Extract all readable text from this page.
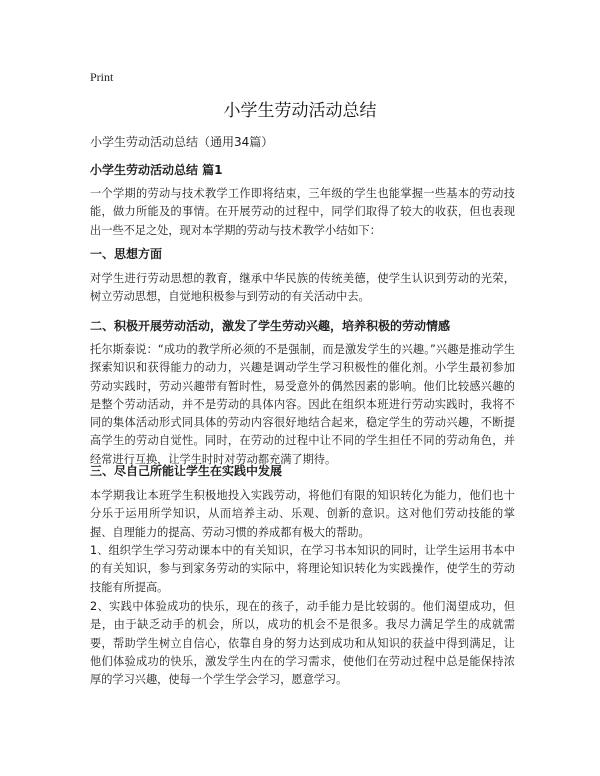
Print
小学生劳动活动总结
小学生劳动活动总结（通用34篇）
小学生劳动活动总结 篇1
一个学期的劳动与技术教学工作即将结束，三年级的学生也能掌握一些基本的劳动技能，做力所能及的事情。在开展劳动的过程中，同学们取得了较大的收获，但也表现出一些不足之处，现对本学期的劳动与技术教学小结如下：
一、思想方面
对学生进行劳动思想的教育，继承中华民族的传统美德，使学生认识到劳动的光荣，树立劳动思想，自觉地积极参与到劳动的有关活动中去。
二、积极开展劳动活动，激发了学生劳动兴趣，培养积极的劳动情感
托尔斯泰说：“成功的教学所必须的不是强制，而是激发学生的兴趣。”兴趣是推动学生探索知识和获得能力的动力，兴趣是调动学生学习积极性的催化剂。小学生最初参加劳动实践时，劳动兴趣带有暂时性，易受意外的偶然因素的影响。他们比较感兴趣的是整个劳动活动，并不是劳动的具体内容。因此在组织本班进行劳动实践时，我将不同的集体活动形式同具体的劳动内容很好地结合起来，稳定学生的劳动兴趣，不断提高学生的劳动自觉性。同时，在劳动的过程中让不同的学生担任不同的劳动角色，并经常进行互换，让学生时时对劳动都充满了期待。
三、尽自己所能让学生在实践中发展
本学期我让本班学生积极地投入实践劳动，将他们有限的知识转化为能力，他们也十分乐于运用所学知识，从而培养主动、乐观、创新的意识。这对他们劳动技能的掌握、自理能力的提高、劳动习惯的养成都有极大的帮助。
1、组织学生学习劳动课本中的有关知识，在学习书本知识的同时，让学生运用书本中的有关知识，参与到家务劳动的实际中，将理论知识转化为实践操作，使学生的劳动技能有所提高。
2、实践中体验成功的快乐，现在的孩子，动手能力是比较弱的。他们渴望成功，但是，由于缺乏动手的机会，所以，成功的机会不是很多。我尽力满足学生的成就需要，帮助学生树立自信心，依靠自身的努力达到成功和从知识的获益中得到满足，让他们体验成功的快乐，激发学生内在的学习需求，使他们在劳动过程中总是能保持浓厚的学习兴趣，使每一个学生学会学习，愿意学习。
